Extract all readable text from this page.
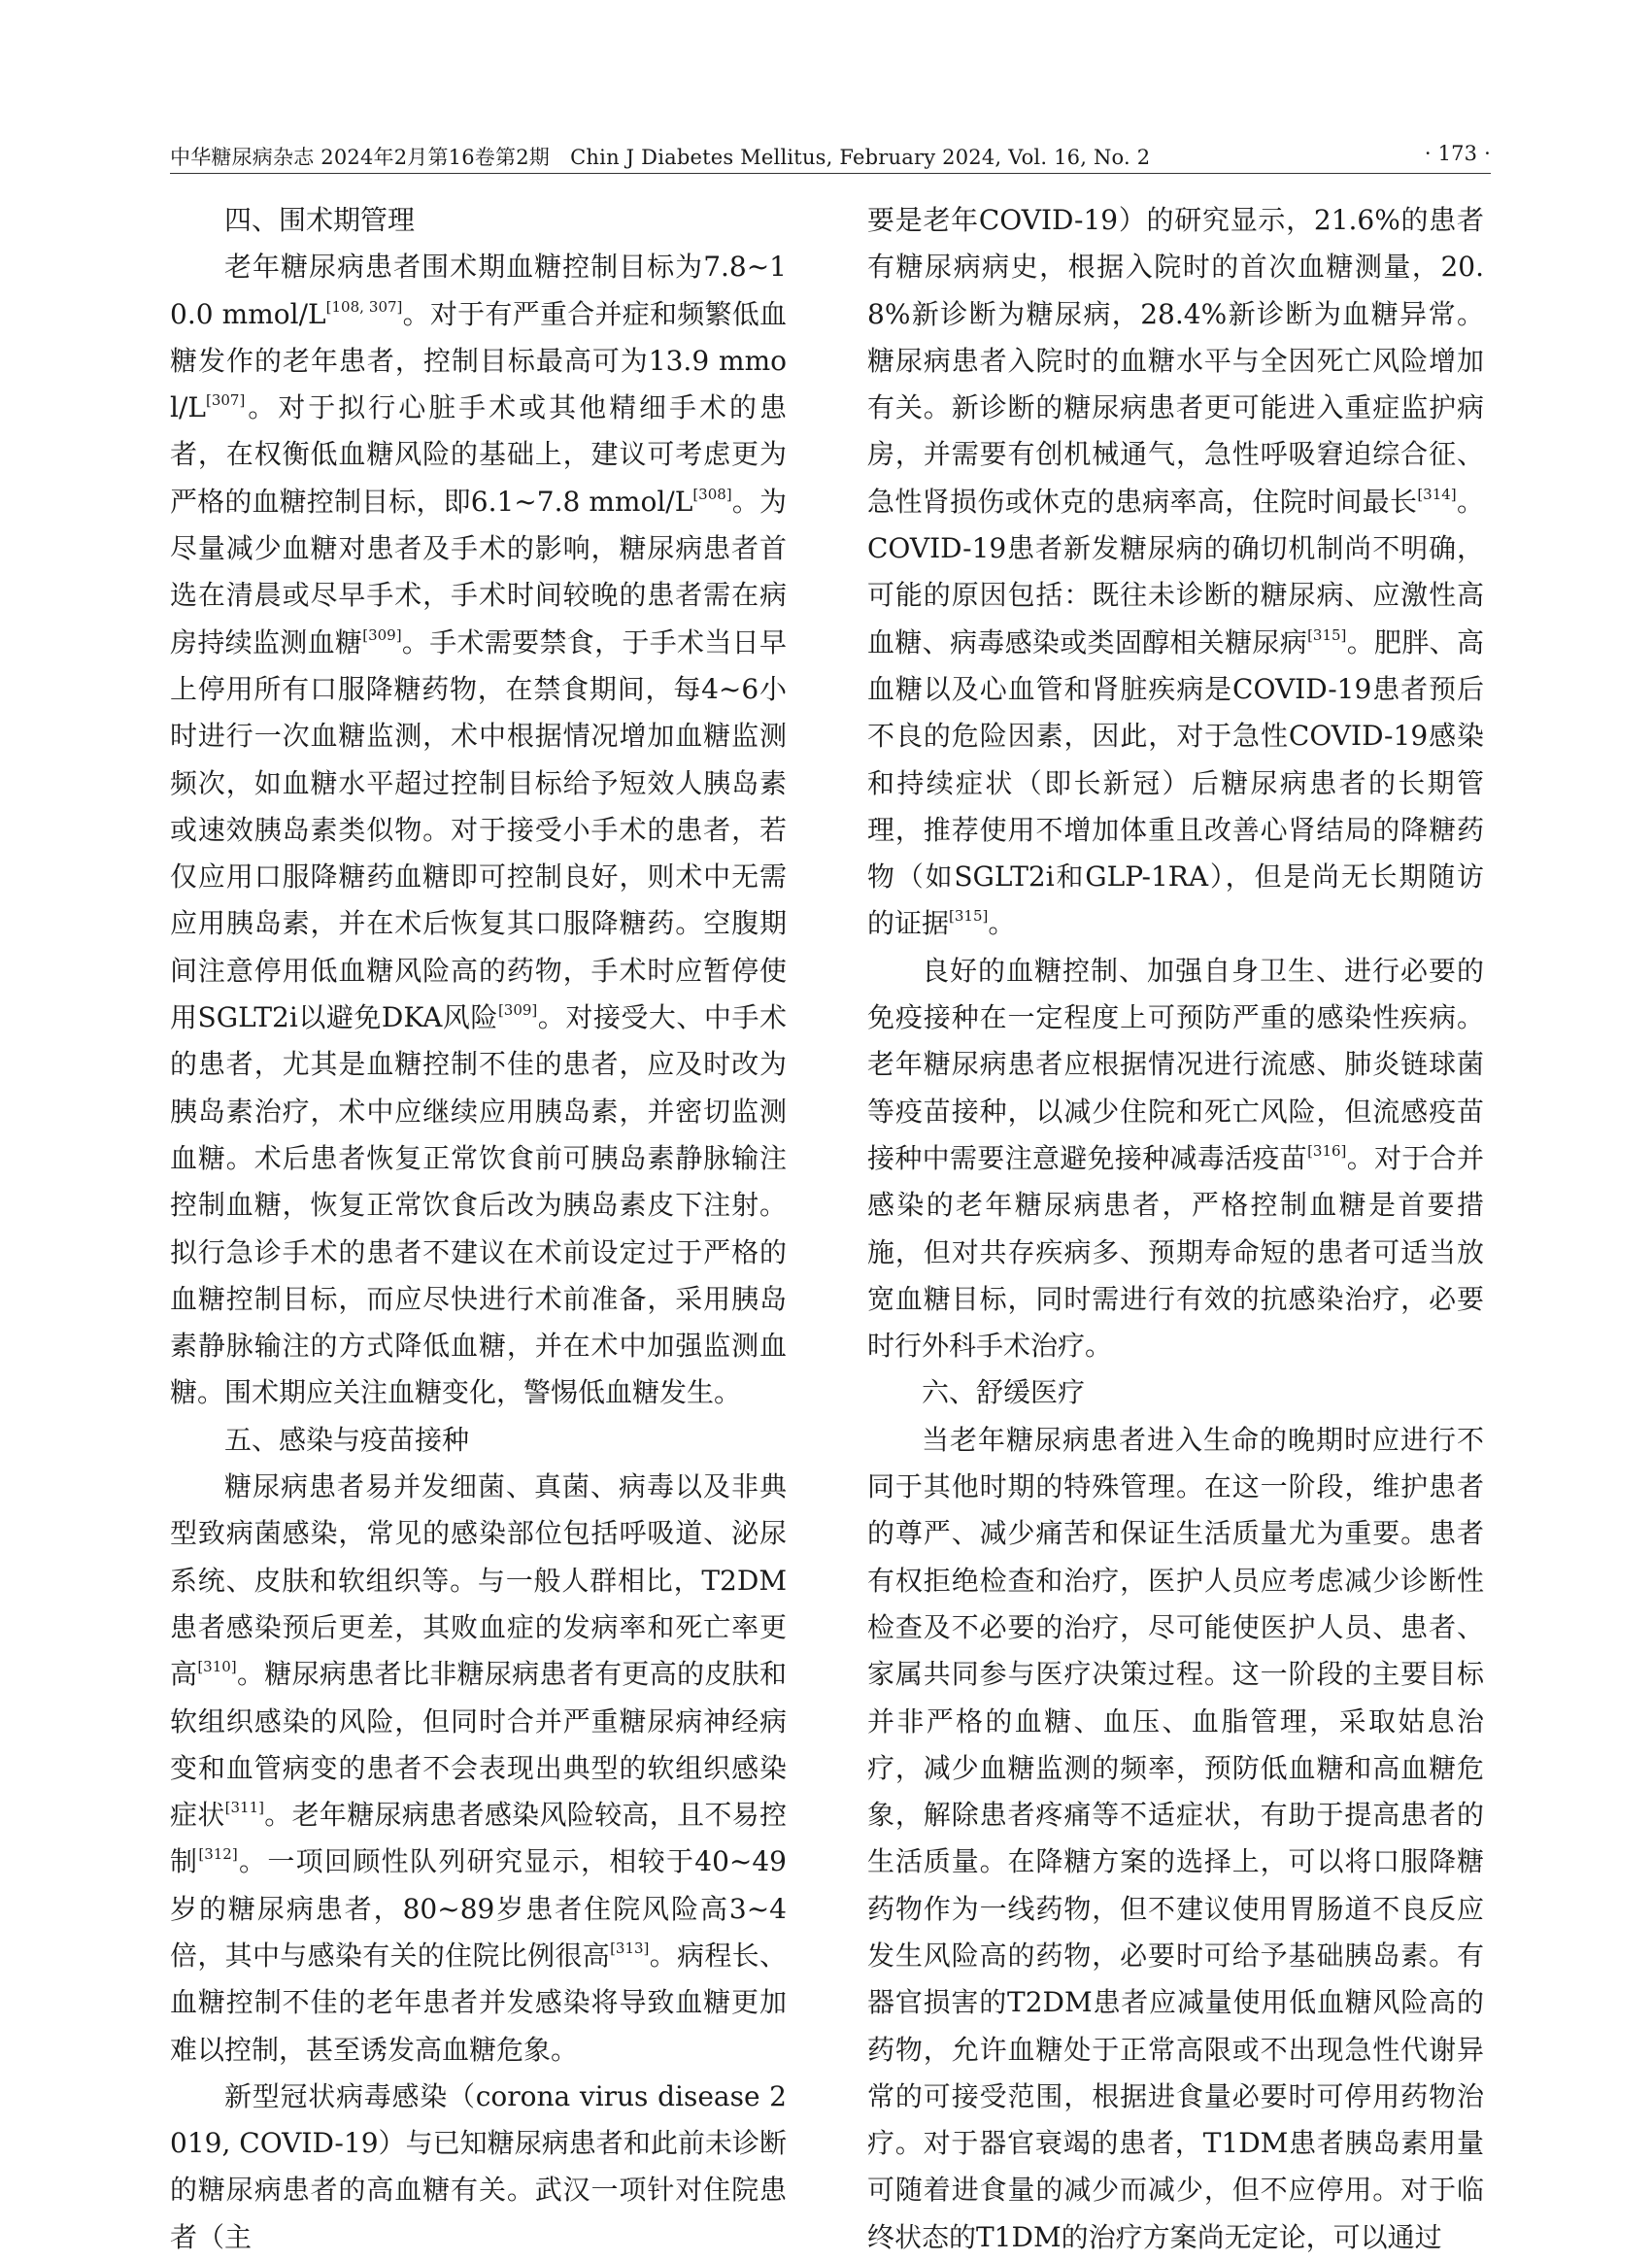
中华糖尿病杂志 2024年2月第16卷第2期　Chin J Diabetes Mellitus, February 2024, Vol. 16, No. 2	· 173 ·
四、围术期管理

老年糖尿病患者围术期血糖控制目标为7.8~10.0 mmol/L[108, 307]。对于有严重合并症和频繁低血糖发作的老年患者，控制目标最高可为13.9 mmol/L[307]。对于拟行心脏手术或其他精细手术的患者，在权衡低血糖风险的基础上，建议可考虑更为严格的血糖控制目标，即6.1~7.8 mmol/L[308]。为尽量减少血糖对患者及手术的影响，糖尿病患者首选在清晨或尽早手术，手术时间较晚的患者需在病房持续监测血糖[309]。手术需要禁食，于手术当日早上停用所有口服降糖药物，在禁食期间，每4~6小时进行一次血糖监测，术中根据情况增加血糖监测频次，如血糖水平超过控制目标给予短效人胰岛素或速效胰岛素类似物。对于接受小手术的患者，若仅应用口服降糖药血糖即可控制良好，则术中无需应用胰岛素，并在术后恢复其口服降糖药。空腹期间注意停用低血糖风险高的药物，手术时应暂停使用SGLT2i以避免DKA风险[309]。对接受大、中手术的患者，尤其是血糖控制不佳的患者，应及时改为胰岛素治疗，术中应继续应用胰岛素，并密切监测血糖。术后患者恢复正常饮食前可胰岛素静脉输注控制血糖，恢复正常饮食后改为胰岛素皮下注射。拟行急诊手术的患者不建议在术前设定过于严格的血糖控制目标，而应尽快进行术前准备，采用胰岛素静脉输注的方式降低血糖，并在术中加强监测血糖。围术期应关注血糖变化，警惕低血糖发生。

五、感染与疫苗接种

糖尿病患者易并发细菌、真菌、病毒以及非典型致病菌感染，常见的感染部位包括呼吸道、泌尿系统、皮肤和软组织等。与一般人群相比，T2DM患者感染预后更差，其败血症的发病率和死亡率更高[310]。糖尿病患者比非糖尿病患者有更高的皮肤和软组织感染的风险，但同时合并严重糖尿病神经病变和血管病变的患者不会表现出典型的软组织感染症状[311]。老年糖尿病患者感染风险较高，且不易控制[312]。一项回顾性队列研究显示，相较于40~49岁的糖尿病患者，80~89岁患者住院风险高3~4倍，其中与感染有关的住院比例很高[313]。病程长、血糖控制不佳的老年患者并发感染将导致血糖更加难以控制，甚至诱发高血糖危象。

新型冠状病毒感染（corona virus disease 2019, COVID-19）与已知糖尿病患者和此前未诊断的糖尿病患者的高血糖有关。武汉一项针对住院患者（主

要是老年COVID-19）的研究显示，21.6%的患者有糖尿病病史，根据入院时的首次血糖测量，20.8%新诊断为糖尿病，28.4%新诊断为血糖异常。糖尿病患者入院时的血糖水平与全因死亡风险增加有关。新诊断的糖尿病患者更可能进入重症监护病房，并需要有创机械通气，急性呼吸窘迫综合征、急性肾损伤或休克的患病率高，住院时间最长[314]。COVID-19患者新发糖尿病的确切机制尚不明确，可能的原因包括：既往未诊断的糖尿病、应激性高血糖、病毒感染或类固醇相关糖尿病[315]。肥胖、高血糖以及心血管和肾脏疾病是COVID-19患者预后不良的危险因素，因此，对于急性COVID-19感染和持续症状（即长新冠）后糖尿病患者的长期管理，推荐使用不增加体重且改善心肾结局的降糖药物（如SGLT2i和GLP-1RA），但是尚无长期随访的证据[315]。

良好的血糖控制、加强自身卫生、进行必要的免疫接种在一定程度上可预防严重的感染性疾病。老年糖尿病患者应根据情况进行流感、肺炎链球菌等疫苗接种，以减少住院和死亡风险，但流感疫苗接种中需要注意避免接种减毒活疫苗[316]。对于合并感染的老年糖尿病患者，严格控制血糖是首要措施，但对共存疾病多、预期寿命短的患者可适当放宽血糖目标，同时需进行有效的抗感染治疗，必要时行外科手术治疗。

六、舒缓医疗

当老年糖尿病患者进入生命的晚期时应进行不同于其他时期的特殊管理。在这一阶段，维护患者的尊严、减少痛苦和保证生活质量尤为重要。患者有权拒绝检查和治疗，医护人员应考虑减少诊断性检查及不必要的治疗，尽可能使医护人员、患者、家属共同参与医疗决策过程。这一阶段的主要目标并非严格的血糖、血压、血脂管理，采取姑息治疗，减少血糖监测的频率，预防低血糖和高血糖危象，解除患者疼痛等不适症状，有助于提高患者的生活质量。在降糖方案的选择上，可以将口服降糖药物作为一线药物，但不建议使用胃肠道不良反应发生风险高的药物，必要时可给予基础胰岛素。有器官损害的T2DM患者应减量使用低血糖风险高的药物，允许血糖处于正常高限或不出现急性代谢异常的可接受范围，根据进食量必要时可停用药物治疗。对于器官衰竭的患者，T1DM患者胰岛素用量可随着进食量的减少而减少，但不应停用。对于临终状态的T1DM的治疗方案尚无定论，可以通过
